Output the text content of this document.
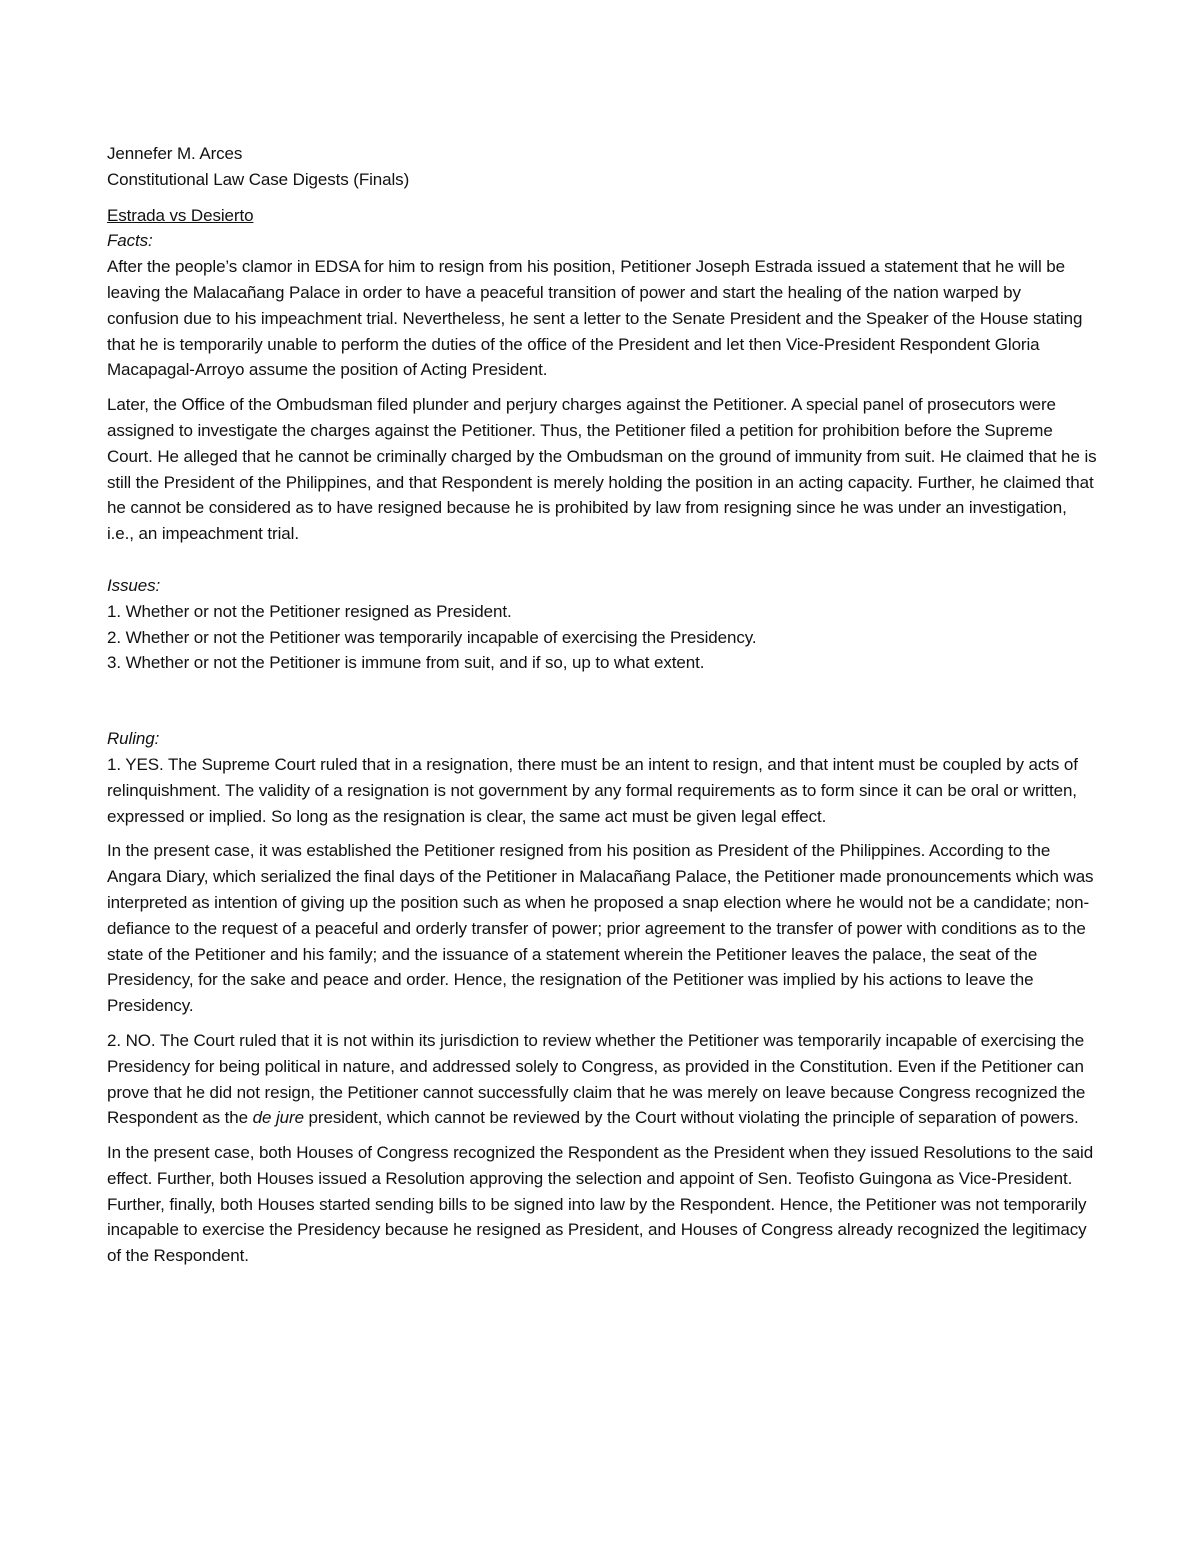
Jennefer M. Arces

Constitutional Law Case Digests (Finals)

Estrada vs Desierto

Facts:

After the people’s clamor in EDSA for him to resign from his position, Petitioner Joseph Estrada issued a statement that he will be leaving the Malacañang Palace in order to have a peaceful transition of power and start the healing of the nation warped by confusion due to his impeachment trial. Nevertheless, he sent a letter to the Senate President and the Speaker of the House stating that he is temporarily unable to perform the duties of the office of the President and let then Vice-President Respondent Gloria Macapagal-Arroyo assume the position of Acting President.

Later, the Office of the Ombudsman filed plunder and perjury charges against the Petitioner. A special panel of prosecutors were assigned to investigate the charges against the Petitioner. Thus, the Petitioner filed a petition for prohibition before the Supreme Court. He alleged that he cannot be criminally charged by the Ombudsman on the ground of immunity from suit. He claimed that he is still the President of the Philippines, and that Respondent is merely holding the position in an acting capacity. Further, he claimed that he cannot be considered as to have resigned because he is prohibited by law from resigning since he was under an investigation, i.e., an impeachment trial.

Issues:

1. Whether or not the Petitioner resigned as President.

2. Whether or not the Petitioner was temporarily incapable of exercising the Presidency.

3. Whether or not the Petitioner is immune from suit, and if so, up to what extent.

Ruling:

1. YES. The Supreme Court ruled that in a resignation, there must be an intent to resign, and that intent must be coupled by acts of relinquishment. The validity of a resignation is not government by any formal requirements as to form since it can be oral or written, expressed or implied. So long as the resignation is clear, the same act must be given legal effect.

In the present case, it was established the Petitioner resigned from his position as President of the Philippines. According to the Angara Diary, which serialized the final days of the Petitioner in Malacañang Palace, the Petitioner made pronouncements which was interpreted as intention of giving up the position such as when he proposed a snap election where he would not be a candidate; non-defiance to the request of a peaceful and orderly transfer of power; prior agreement to the transfer of power with conditions as to the state of the Petitioner and his family; and the issuance of a statement wherein the Petitioner leaves the palace, the seat of the Presidency, for the sake and peace and order. Hence, the resignation of the Petitioner was implied by his actions to leave the Presidency.

2. NO. The Court ruled that it is not within its jurisdiction to review whether the Petitioner was temporarily incapable of exercising the Presidency for being political in nature, and addressed solely to Congress, as provided in the Constitution. Even if the Petitioner can prove that he did not resign, the Petitioner cannot successfully claim that he was merely on leave because Congress recognized the Respondent as the de jure president, which cannot be reviewed by the Court without violating the principle of separation of powers.

In the present case, both Houses of Congress recognized the Respondent as the President when they issued Resolutions to the said effect. Further, both Houses issued a Resolution approving the selection and appoint of Sen. Teofisto Guingona as Vice-President. Further, finally, both Houses started sending bills to be signed into law by the Respondent. Hence, the Petitioner was not temporarily incapable to exercise the Presidency because he resigned as President, and Houses of Congress already recognized the legitimacy of the Respondent.
